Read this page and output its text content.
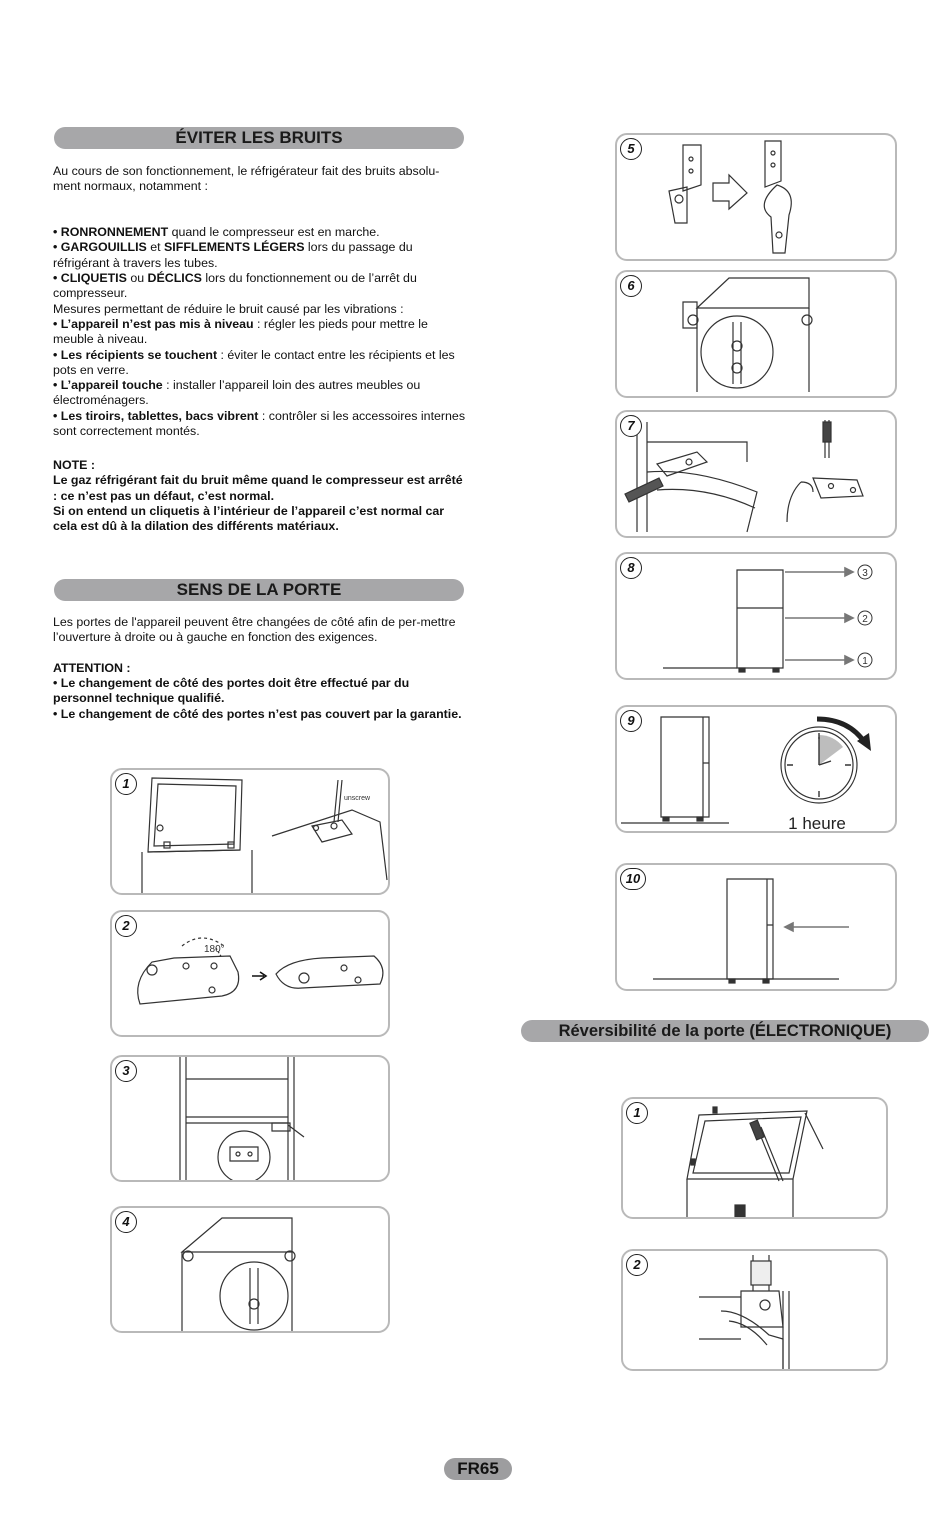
ÉVITER LES BRUITS

Au cours de son fonctionnement, le réfrigérateur fait des bruits absolu-ment normaux, notamment :

• RONRONNEMENT quand le compresseur est en marche.

• GARGOUILLIS et SIFFLEMENTS LÉGERS lors du passage du réfrigérant à travers les tubes.

• CLIQUETIS ou DÉCLICS lors du fonctionnement ou de l’arrêt du compresseur.

Mesures permettant de réduire le bruit causé par les vibrations :

• L’appareil n’est pas mis à niveau : régler les pieds pour mettre le meuble à niveau.

• Les récipients se touchent : éviter le contact entre les récipients et les pots en verre.

• L’appareil touche : installer l’appareil loin des autres meubles ou électroménagers.

• Les tiroirs, tablettes, bacs vibrent : contrôler si les accessoires internes sont correctement montés.

NOTE :

Le gaz réfrigérant fait du bruit même quand le compresseur est arrêté : ce n’est pas un défaut, c’est normal.

Si on entend un cliquetis à l’intérieur de l’appareil c’est normal car cela est dû à la dilation des différents matériaux.

SENS DE LA PORTE

Les portes de l'appareil peuvent être changées de côté afin de per-mettre l’ouverture à droite ou à gauche en fonction des exigences.

ATTENTION :

• Le changement de côté des portes doit être effectué par du personnel technique qualifié.

• Le changement de côté des portes n’est pas couvert par la garantie.

1
unscrew
2
180°
3
4
5
6
7
8	3
2
1
9
1 heure
10
Réversibilité de la porte (ÉLECTRONIQUE)
1
2
FR65
